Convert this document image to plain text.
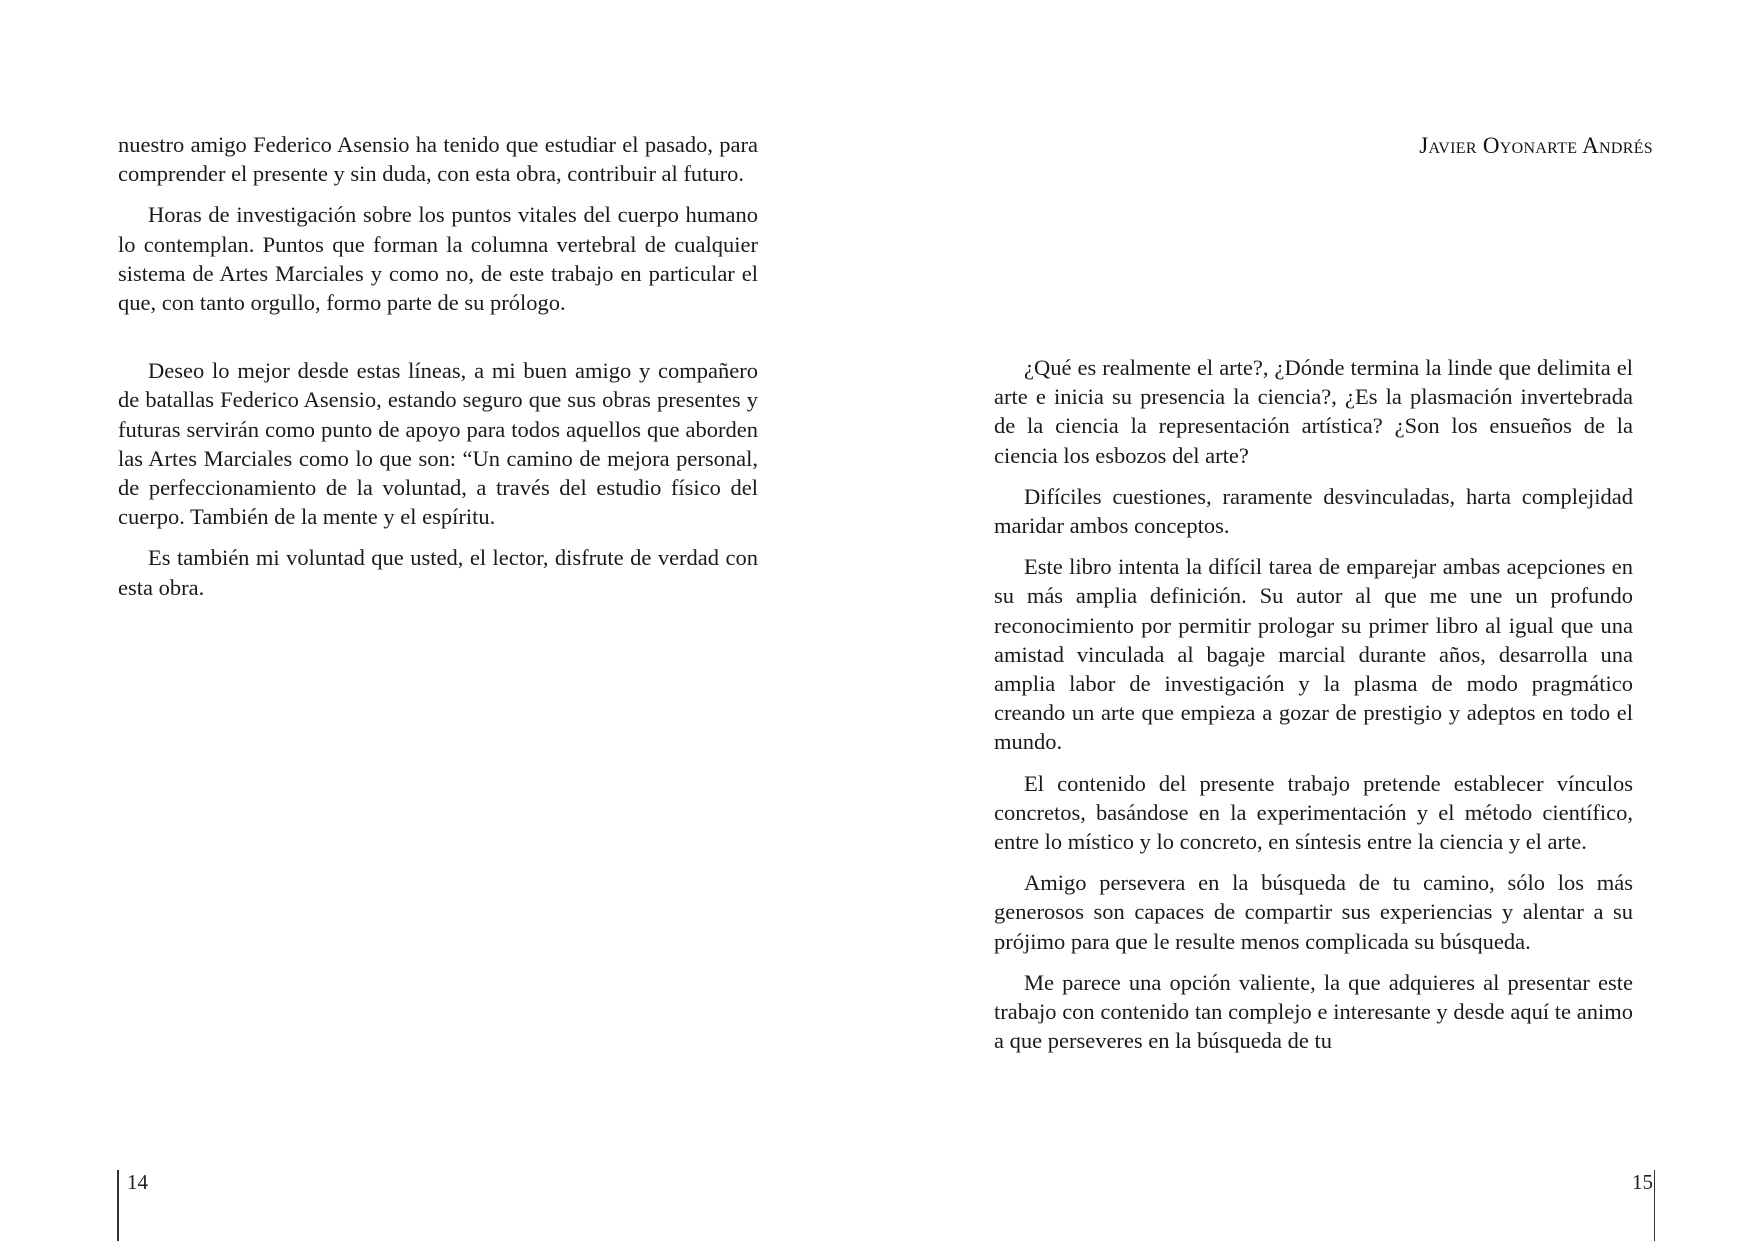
nuestro amigo Federico Asensio ha tenido que estudiar el pasado, para comprender el presente y sin duda, con esta obra, contribuir al futuro.

Horas de investigación sobre los puntos vitales del cuerpo humano lo contemplan. Puntos que forman la columna vertebral de cualquier sistema de Artes Marciales y como no, de este trabajo en particular el que, con tanto orgullo, formo parte de su prólogo.

Deseo lo mejor desde estas líneas, a mi buen amigo y compañero de batallas Federico Asensio, estando seguro que sus obras presentes y futuras servirán como punto de apoyo para todos aquellos que aborden las Artes Marciales como lo que son: “Un camino de mejora personal, de perfeccionamiento de la voluntad, a través del estudio físico del cuerpo. También de la mente y el espíritu.

Es también mi voluntad que usted, el lector, disfrute de verdad con esta obra.

14
Javier Oyonarte Andrés

¿Qué es realmente el arte?, ¿Dónde termina la linde que delimita el arte e inicia su presencia la ciencia?, ¿Es la plasmación invertebrada de la ciencia la representación artística? ¿Son los ensueños de la ciencia los esbozos del arte?

Difíciles cuestiones, raramente desvinculadas, harta complejidad maridar ambos conceptos.

Este libro intenta la difícil tarea de emparejar ambas acepciones en su más amplia definición. Su autor al que me une un profundo reconocimiento por permitir prologar su primer libro al igual que una amistad vinculada al bagaje marcial durante años, desarrolla una amplia labor de investigación y la plasma de modo pragmático creando un arte que empieza a gozar de prestigio y adeptos en todo el mundo.

El contenido del presente trabajo pretende establecer vínculos concretos, basándose en la experimentación y el método científico, entre lo místico y lo concreto, en síntesis entre la ciencia y el arte.

Amigo persevera en la búsqueda de tu camino, sólo los más generosos son capaces de compartir sus experiencias y alentar a su prójimo para que le resulte menos complicada su búsqueda.

Me parece una opción valiente, la que adquieres al presentar este trabajo con contenido tan complejo e interesante y desde aquí te animo a que perseveres en la búsqueda de tu

15
